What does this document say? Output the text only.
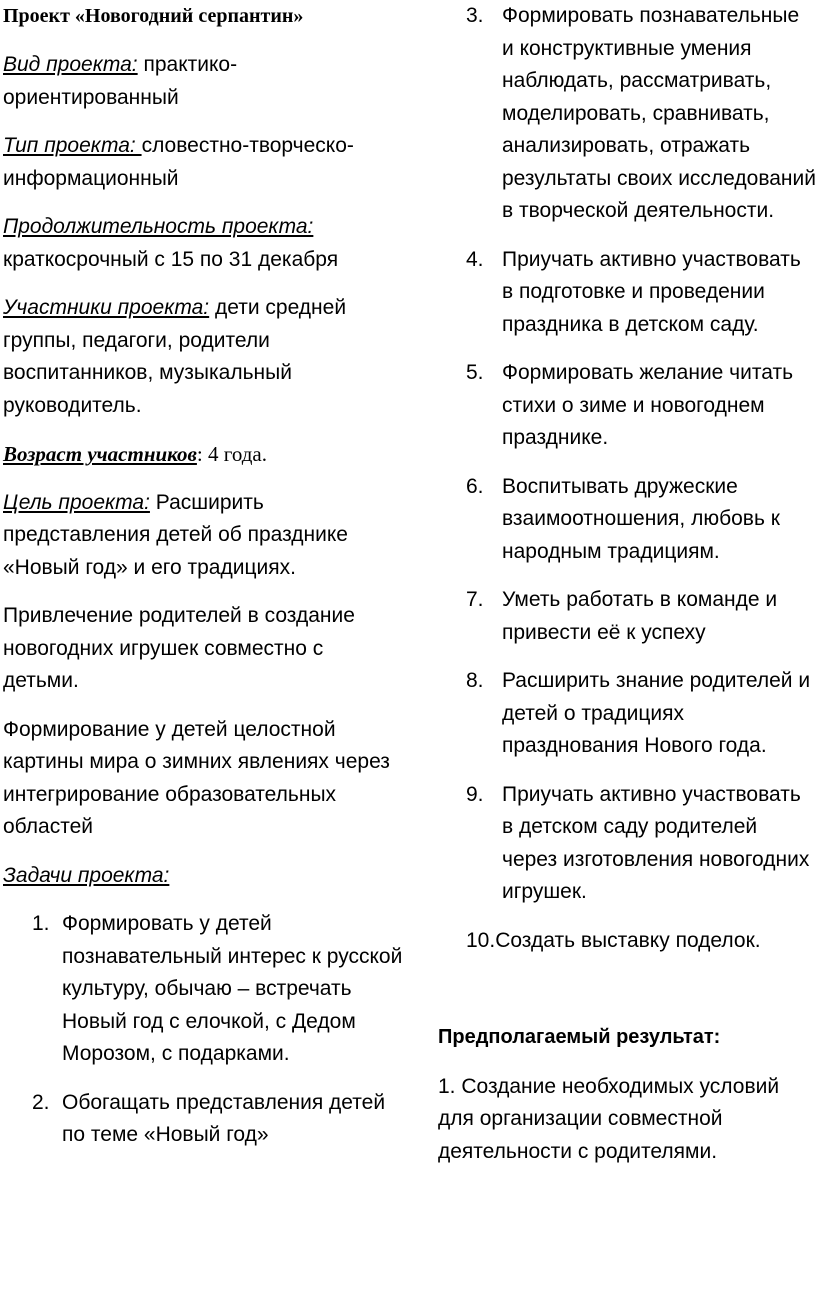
Проект «Новогодний серпантин»
Вид проекта: практико-ориентированный
Тип проекта: словестно-творческо-информационный
Продолжительность проекта: краткосрочный с 15 по 31 декабря
Участники проекта: дети средней группы, педагоги, родители воспитанников, музыкальный руководитель.
Возраст участников: 4 года.
Цель проекта: Расширить представления детей об празднике «Новый год» и его традициях.
Привлечение родителей в создание новогодних игрушек совместно с детьми.
Формирование у детей целостной картины мира о зимних явлениях через интегрирование образовательных областей
Задачи проекта:
1. Формировать у детей познавательный интерес к русской культуру, обычаю – встречать Новый год с елочкой, с Дедом Морозом, с подарками.
2. Обогащать представления детей по теме «Новый год»
3. Формировать познавательные и конструктивные умения наблюдать, рассматривать, моделировать, сравнивать, анализировать, отражать результаты своих исследований в творческой деятельности.
4. Приучать активно участвовать в подготовке и проведении праздника в детском саду.
5. Формировать желание читать стихи о зиме и новогоднем празднике.
6. Воспитывать дружеские взаимоотношения, любовь к народным традициям.
7. Уметь работать в команде и привести её к успеху
8. Расширить знание родителей и детей о традициях празднования Нового года.
9. Приучать активно участвовать в детском саду родителей через изготовления новогодних игрушек.
10.Создать выставку поделок.
Предполагаемый результат:
1. Создание необходимых условий для организации совместной деятельности с родителями.
